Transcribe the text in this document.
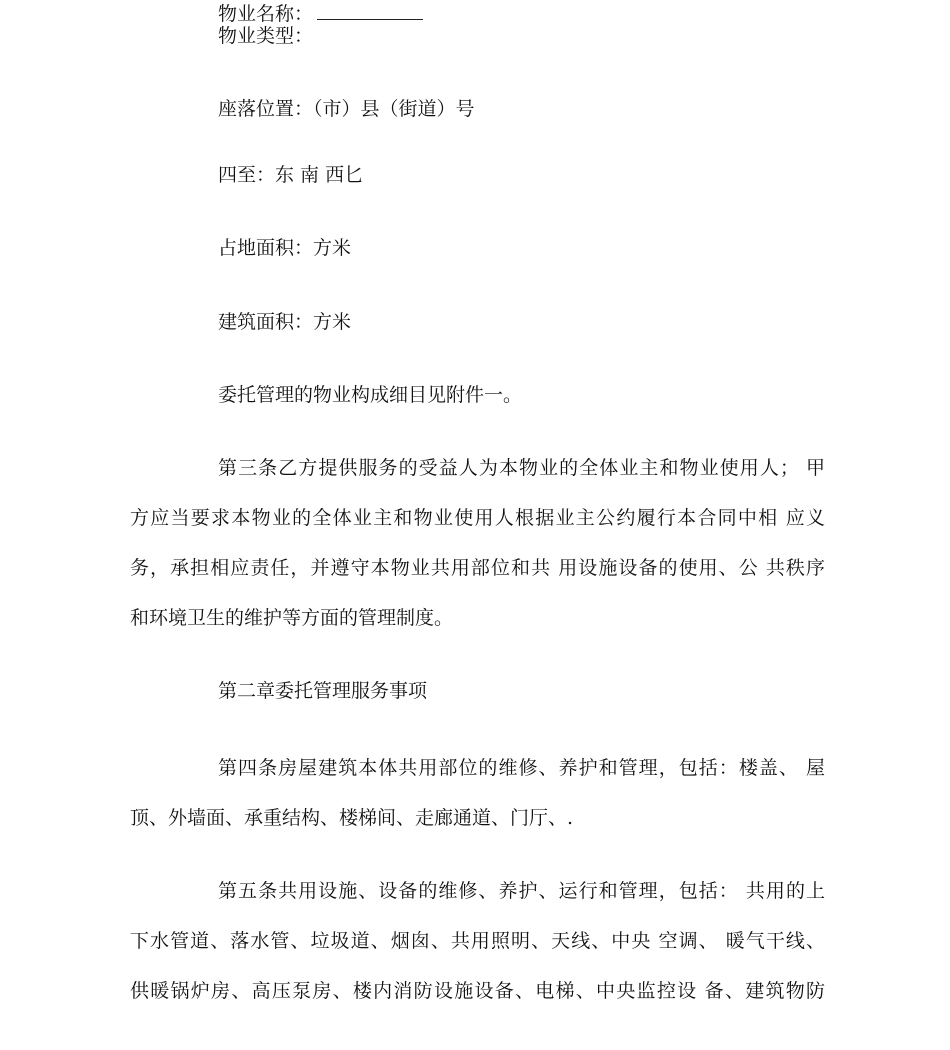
物业名称：

物业类型：

座落位置：（市）县（街道）号

四至：东 南 西匕

占地面积：方米

建筑面积：方米

委托管理的物业构成细目见附件一。

第三条乙方提供服务的受益人为本物业的全体业主和物业使用人； 甲

方应当要求本物业的全体业主和物业使用人根据业主公约履行本合同中相 应义

务，承担相应责任，并遵守本物业共用部位和共 用设施设备的使用、公 共秩序

和环境卫生的维护等方面的管理制度。

第二章委托管理服务事项

第四条房屋建筑本体共用部位的维修、养护和管理，包括：楼盖、 屋

顶、外墙面、承重结构、楼梯间、走廊通道、门厅、.

第五条共用设施、设备的维修、养护、运行和管理，包括： 共用的上

下水管道、落水管、垃圾道、烟囱、共用照明、天线、中央 空调、 暖气干线、

供暖锅炉房、高压泵房、楼内消防设施设备、电梯、中央监控设 备、建筑物防
